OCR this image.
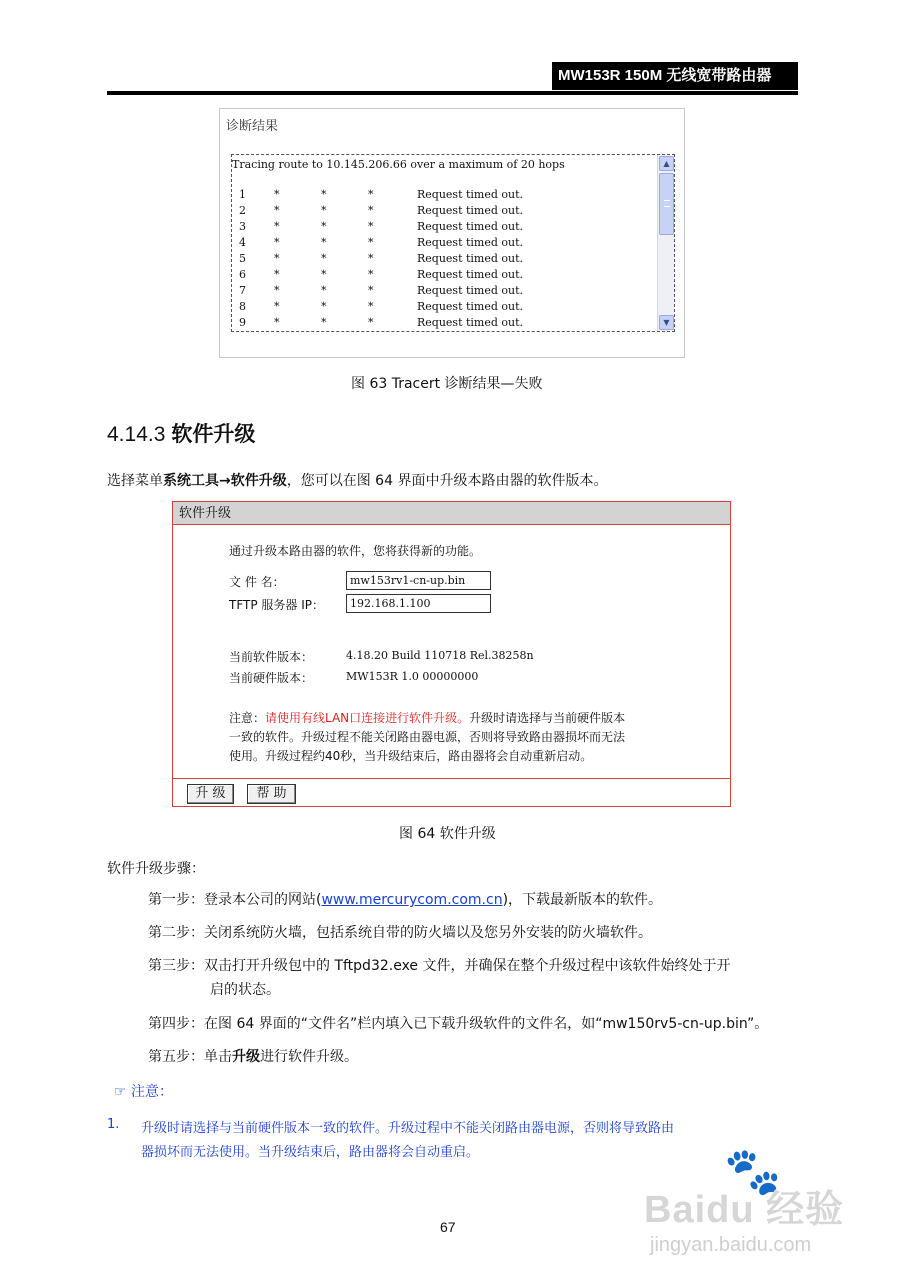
MW153R 150M 无线宽带路由器
诊断结果
Tracing route to 10.145.206.66 over a maximum of 20 hops
1	*	*	*	Request timed out.
2	*	*	*	Request timed out.
3	*	*	*	Request timed out.
4	*	*	*	Request timed out.
5	*	*	*	Request timed out.
6	*	*	*	Request timed out.
7	*	*	*	Request timed out.
8	*	*	*	Request timed out.
9	*	*	*	Request timed out.
▲
▼
图 63 Tracert 诊断结果—失败
4.14.3 软件升级
选择菜单系统工具→软件升级，您可以在图 64 界面中升级本路由器的软件版本。
软件升级
通过升级本路由器的软件，您将获得新的功能。
文 件 名：	mw153rv1-cn-up.bin
TFTP 服务器 IP：	192.168.1.100
当前软件版本：	4.18.20 Build 110718 Rel.38258n
当前硬件版本：	MW153R 1.0 00000000
注意：请使用有线LAN口连接进行软件升级。升级时请选择与当前硬件版本
一致的软件。升级过程不能关闭路由器电源，否则将导致路由器损坏而无法
使用。升级过程约40秒，当升级结束后，路由器将会自动重新启动。
升 级	帮 助
图 64 软件升级
软件升级步骤：
第一步：登录本公司的网站(www.mercurycom.com.cn)，下载最新版本的软件。
第二步：关闭系统防火墙，包括系统自带的防火墙以及您另外安装的防火墙软件。
第三步：双击打开升级包中的 Tftpd32.exe 文件，并确保在整个升级过程中该软件始终处于开
启的状态。
第四步：在图 64 界面的“文件名”栏内填入已下载升级软件的文件名，如“mw150rv5-cn-up.bin”。
第五步：单击升级进行软件升级。
☞ 注意：
1. 升级时请选择与当前硬件版本一致的软件。升级过程中不能关闭路由器电源，否则将导致路由
器损坏而无法使用。当升级结束后，路由器将会自动重启。
67
🐾
Baidu 经验
jingyan.baidu.com
